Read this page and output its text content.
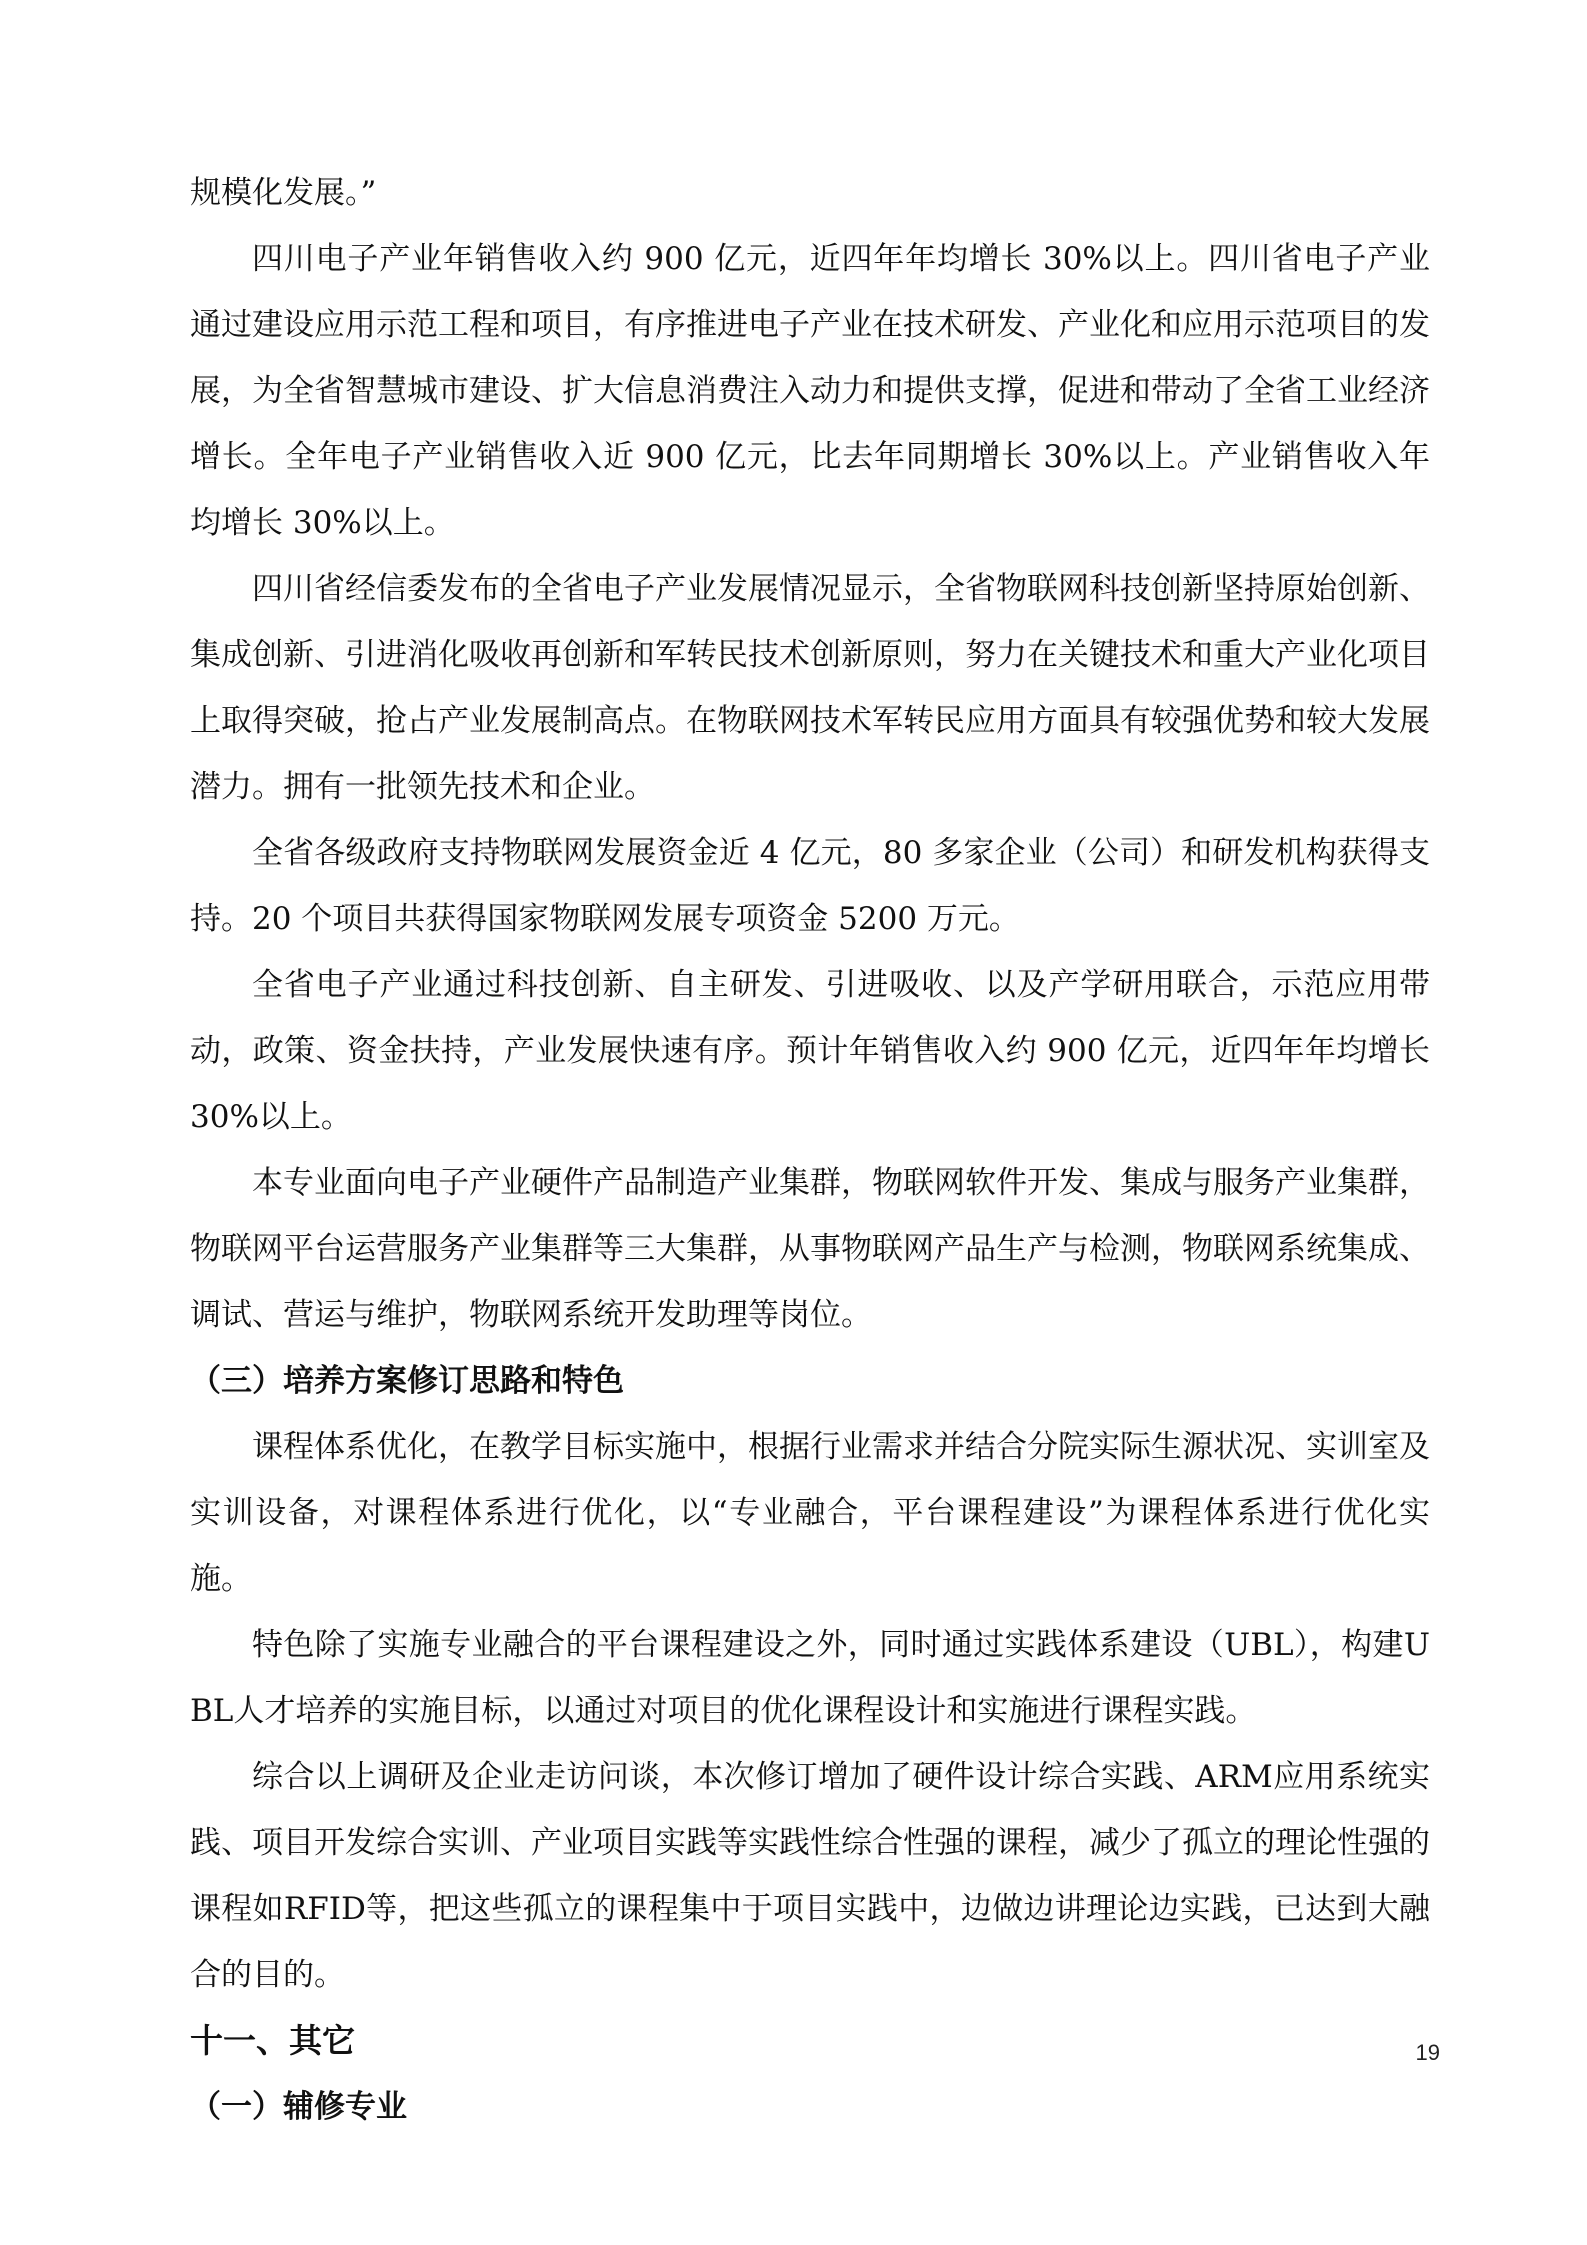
规模化发展。”

四川电子产业年销售收入约 900 亿元，近四年年均增长 30%以上。四川省电子产业通过建设应用示范工程和项目，有序推进电子产业在技术研发、产业化和应用示范项目的发展，为全省智慧城市建设、扩大信息消费注入动力和提供支撑，促进和带动了全省工业经济增长。全年电子产业销售收入近 900 亿元，比去年同期增长 30%以上。产业销售收入年均增长 30%以上。

四川省经信委发布的全省电子产业发展情况显示，全省物联网科技创新坚持原始创新、集成创新、引进消化吸收再创新和军转民技术创新原则，努力在关键技术和重大产业化项目上取得突破，抢占产业发展制高点。在物联网技术军转民应用方面具有较强优势和较大发展潜力。拥有一批领先技术和企业。

全省各级政府支持物联网发展资金近 4 亿元，80 多家企业（公司）和研发机构获得支持。20 个项目共获得国家物联网发展专项资金 5200 万元。

全省电子产业通过科技创新、自主研发、引进吸收、以及产学研用联合，示范应用带动，政策、资金扶持，产业发展快速有序。预计年销售收入约 900 亿元，近四年年均增长 30%以上。

本专业面向电子产业硬件产品制造产业集群，物联网软件开发、集成与服务产业集群，物联网平台运营服务产业集群等三大集群，从事物联网产品生产与检测，物联网系统集成、调试、营运与维护，物联网系统开发助理等岗位。

（三）培养方案修订思路和特色

课程体系优化，在教学目标实施中，根据行业需求并结合分院实际生源状况、实训室及实训设备，对课程体系进行优化，以“专业融合，平台课程建设”为课程体系进行优化实施。

特色除了实施专业融合的平台课程建设之外，同时通过实践体系建设（UBL），构建UBL人才培养的实施目标，以通过对项目的优化课程设计和实施进行课程实践。

综合以上调研及企业走访问谈，本次修订增加了硬件设计综合实践、ARM应用系统实践、项目开发综合实训、产业项目实践等实践性综合性强的课程，减少了孤立的理论性强的课程如RFID等，把这些孤立的课程集中于项目实践中，边做边讲理论边实践，已达到大融合的目的。

十一、其它

（一）辅修专业

19
